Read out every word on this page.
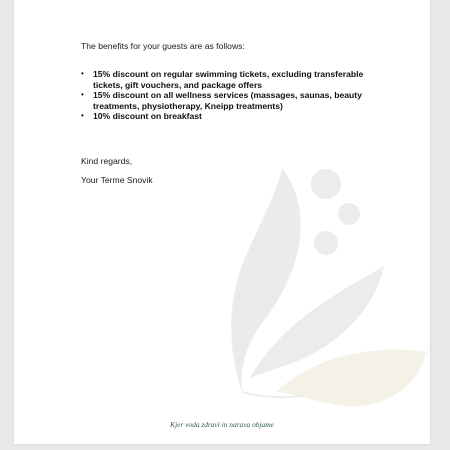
The benefits for your guests are as follows:

• 15% discount on regular swimming tickets, excluding transferable tickets, gift vouchers, and package offers
• 15% discount on all wellness services (massages, saunas, beauty treatments, physiotherapy, Kneipp treatments)
• 10% discount on breakfast

Kind regards,

Your Terme Snovik

Kjer voda zdravi in narava objame
